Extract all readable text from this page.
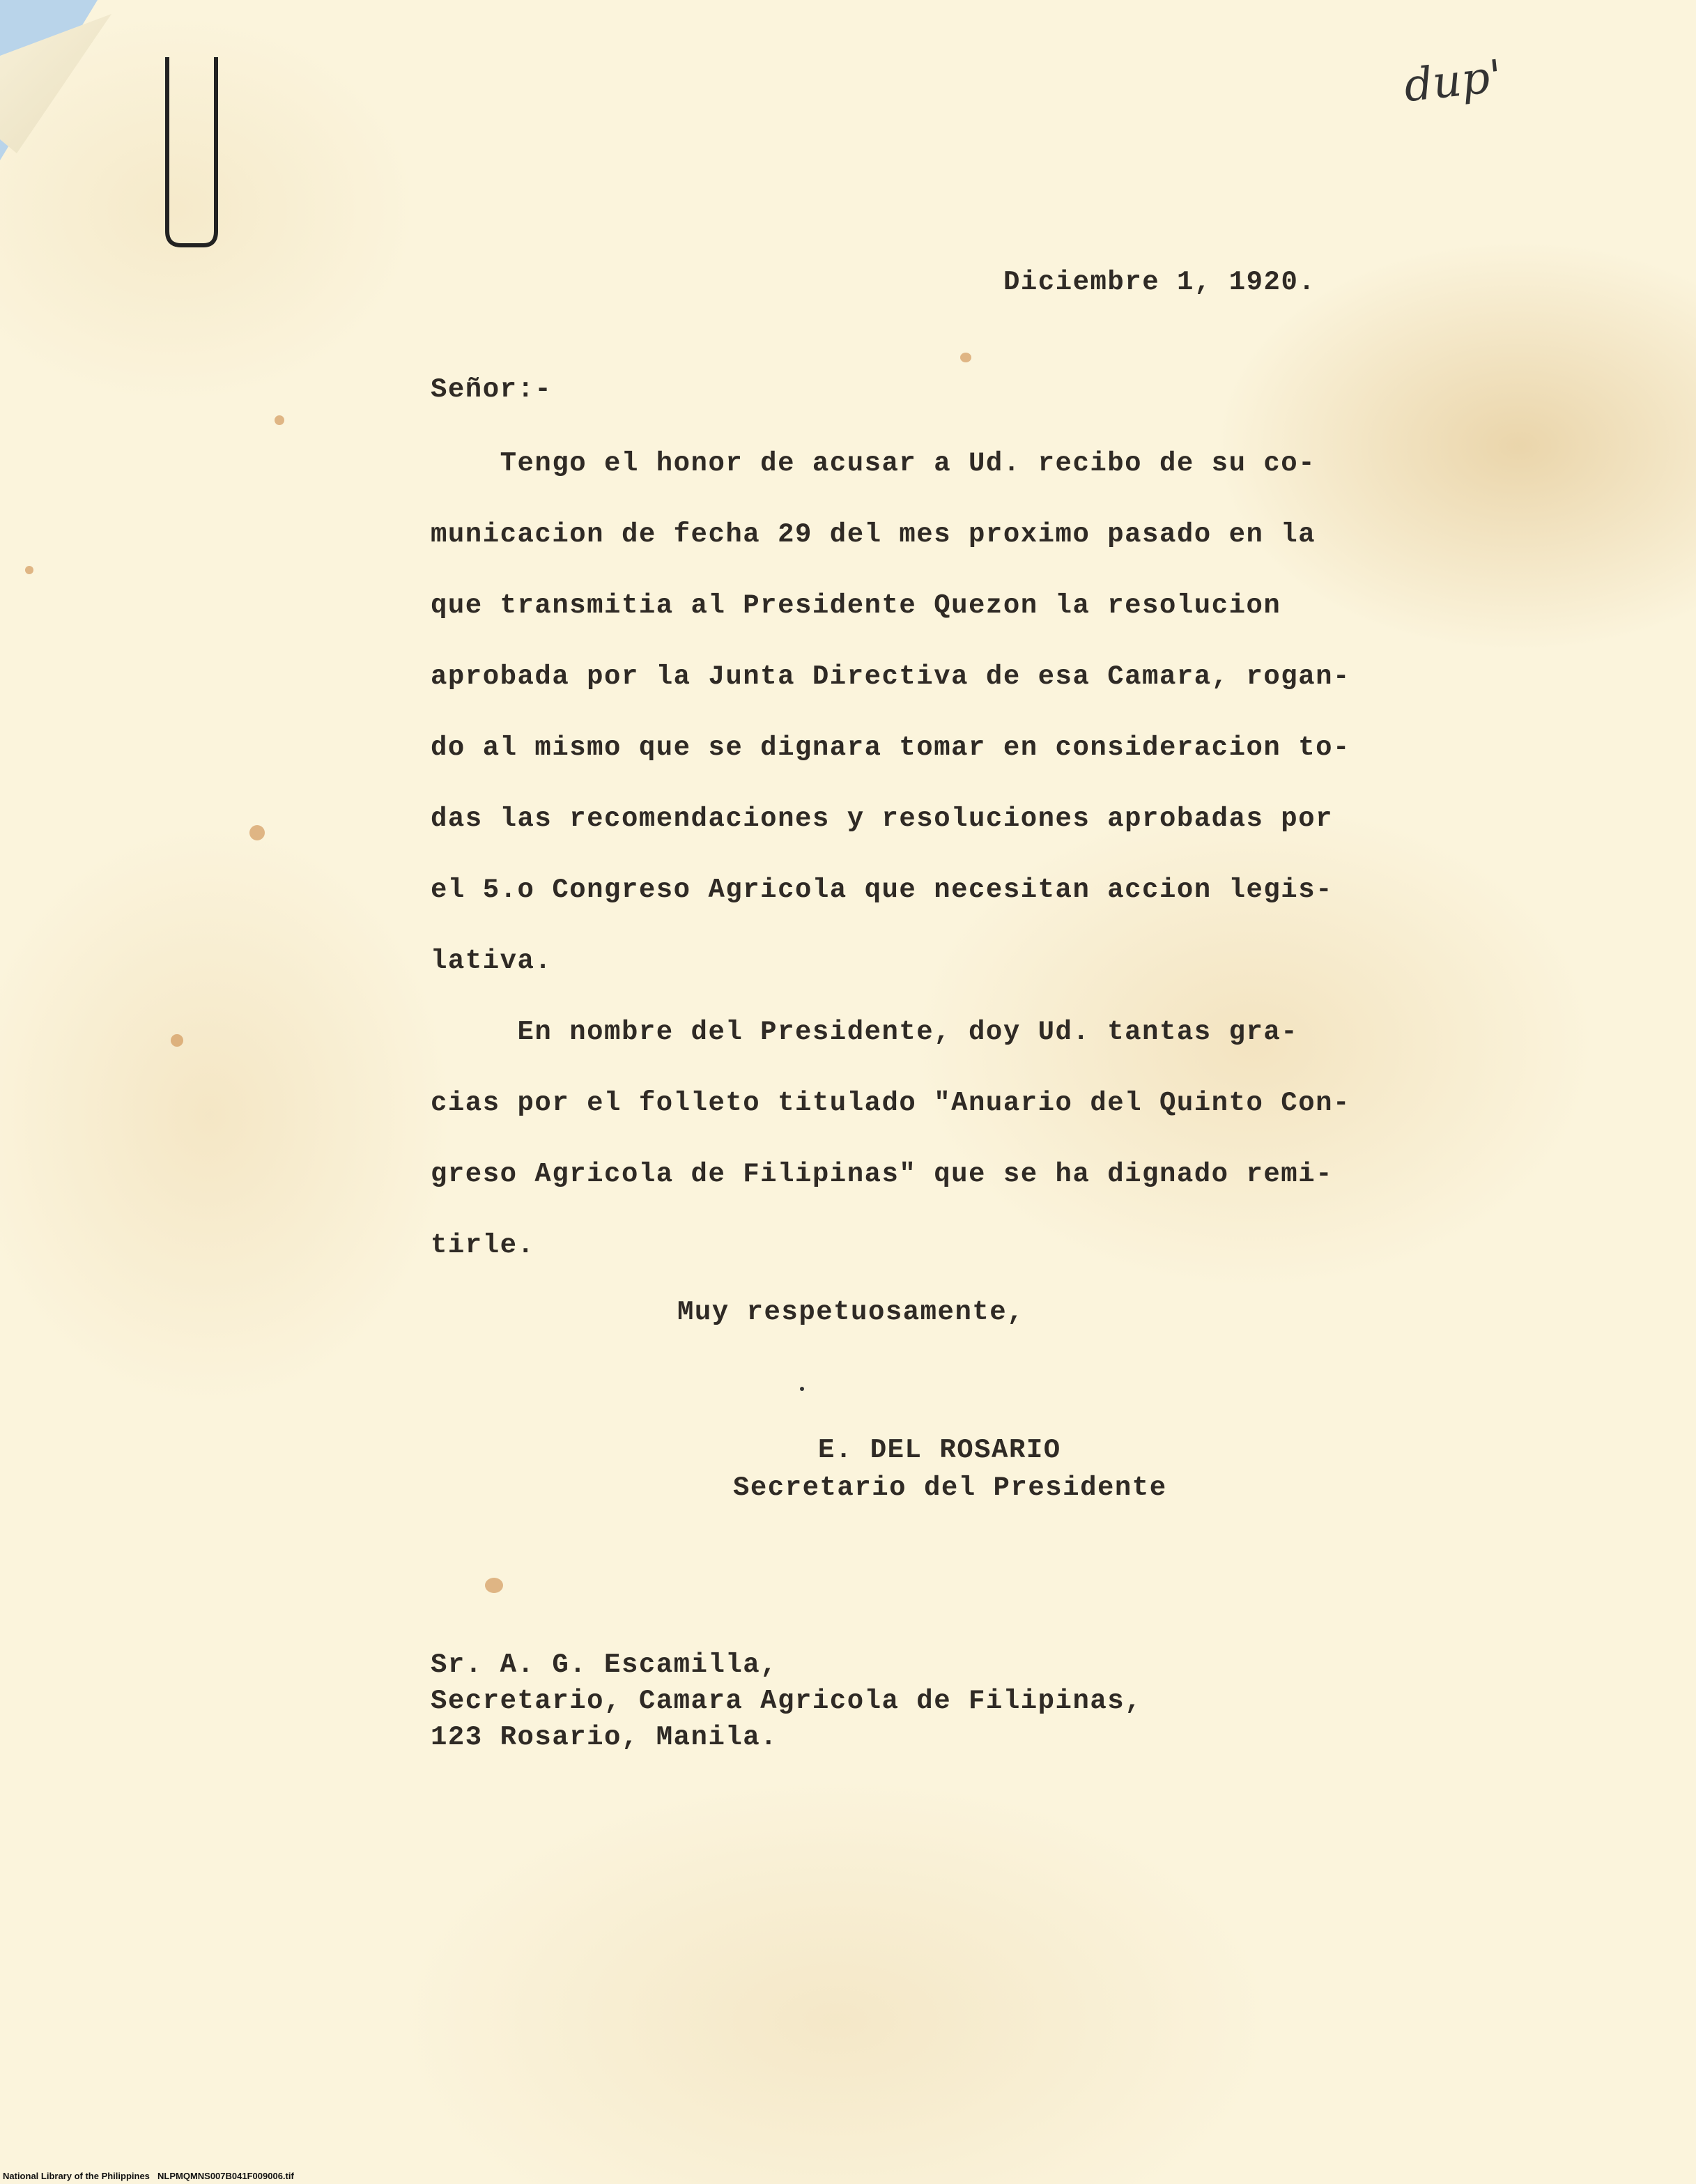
dup'
Diciembre 1, 1920.
Señor:-
Tengo el honor de acusar a Ud. recibo de su co-
municacion de fecha 29 del mes proximo pasado en la
que transmitia al Presidente Quezon la resolucion
aprobada por la Junta Directiva de esa Camara, rogan-
do al mismo que se dignara tomar en consideracion to-
das las recomendaciones y resoluciones aprobadas por
el 5.o Congreso Agricola que necesitan accion legis-
lativa.
En nombre del Presidente, doy Ud. tantas gra-
cias por el folleto titulado "Anuario del Quinto Con-
greso Agricola de Filipinas" que se ha dignado remi-
tirle.
Muy respetuosamente,
E. DEL ROSARIO
Secretario del Presidente
Sr. A. G. Escamilla,
Secretario, Camara Agricola de Filipinas,
123 Rosario, Manila.
National Library of the Philippines NLPMQMNS007B041F009006.tif
